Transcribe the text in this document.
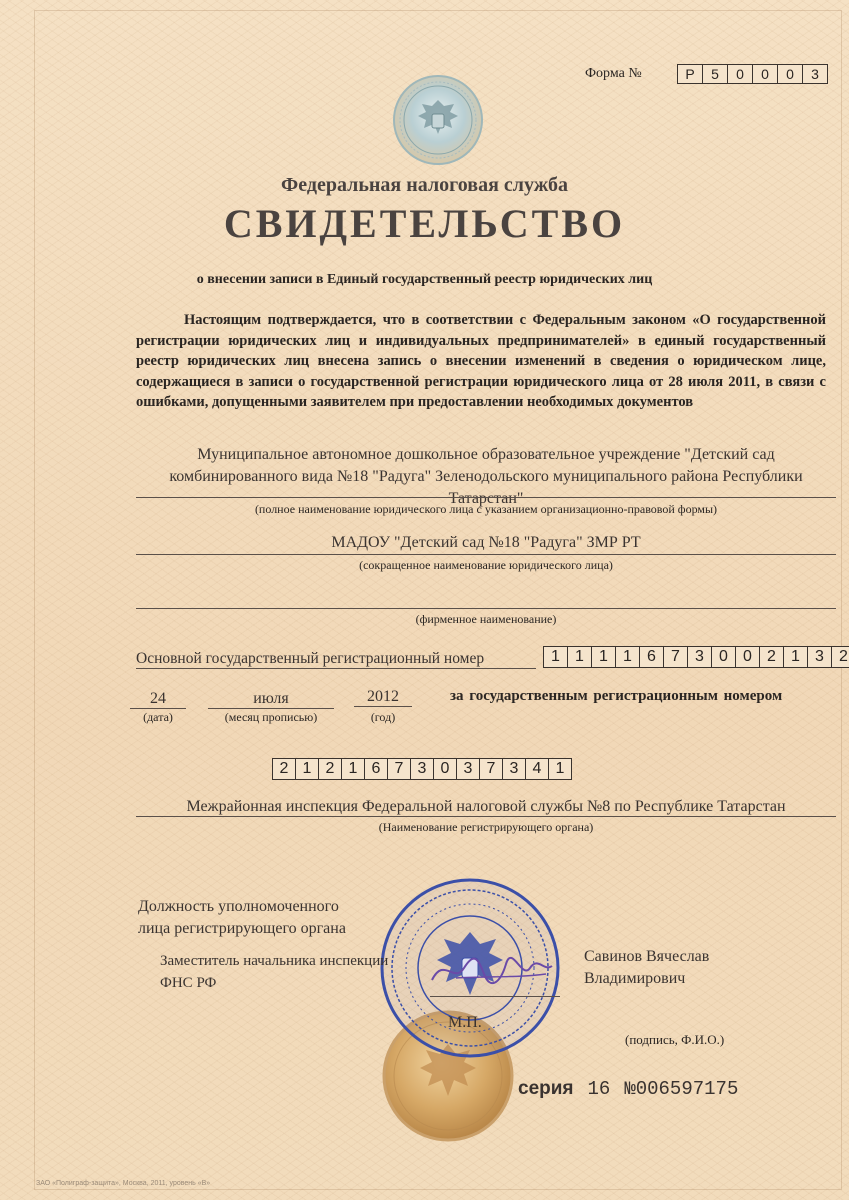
Форма №	Р	5	0	0	0	3
Федеральная налоговая служба
СВИДЕТЕЛЬСТВО
о внесении записи в Единый государственный реестр юридических лиц
Настоящим подтверждается, что в соответствии с Федеральным законом «О государственной регистрации юридических лиц и индивидуальных предпринимателей» в единый государственный реестр юридических лиц внесена запись о внесении изменений в сведения о юридическом лице, содержащиеся в записи о государственной регистрации юридического лица от 28 июля 2011, в связи с ошибками, допущенными заявителем при предоставлении необходимых документов
Муниципальное автономное дошкольное образовательное учреждение "Детский сад комбинированного вида №18 "Радуга" Зеленодольского муниципального района Республики Татарстан"
(полное наименование юридического лица с указанием организационно-правовой формы)
МАДОУ "Детский сад №18 "Радуга" ЗМР РТ
(сокращенное наименование юридического лица)
(фирменное наименование)
Основной государственный регистрационный номер	1 1 1 1 6 7 3 0 0 2 1 3 2
24
(дата)
июля
(месяц прописью)
2012
(год)
за государственным регистрационным номером
2 1 2 1 6 7 3 0 3 7 3 4 1
Межрайонная инспекция Федеральной налоговой службы №8 по Республике Татарстан
(Наименование регистрирующего органа)
Должность уполномоченного
лица регистрирующего органа
Заместитель начальника инспекции
ФНС РФ
Савинов Вячеслав
Владимирович
М.П.
(подпись, Ф.И.О.)
серия 16 №006597175
ЗАО «Полиграф-защита», Москва, 2011, уровень «В»
